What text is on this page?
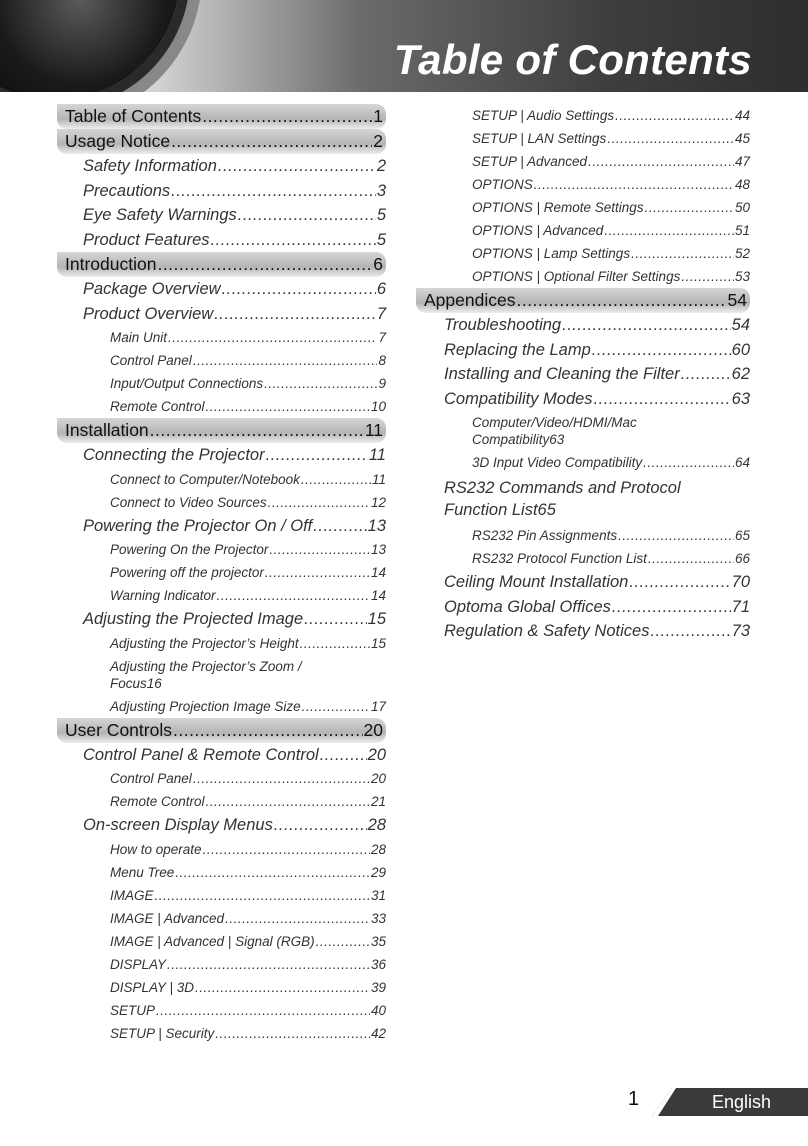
Table of Contents
Table of Contents .....	1
Usage Notice .....	2
Safety Information .....	2
Precautions .....	3
Eye Safety Warnings .....	5
Product Features .....	5
Introduction .....	6
Package Overview .....	6
Product Overview .....	7
Main Unit .....	7
Control Panel .....	8
Input/Output Connections .....	9
Remote Control .....	10
Installation .....	11
Connecting the Projector .....	11
Connect to Computer/Notebook .....	11
Connect to Video Sources .....	12
Powering the Projector On / Off .....	13
Powering On the Projector .....	13
Powering off the projector .....	14
Warning Indicator .....	14
Adjusting the Projected Image .....	15
Adjusting the Projector’s Height .....	15
Adjusting the Projector’s Zoom /
Focus 16
Adjusting Projection Image Size .....	17
User Controls .....	20
Control Panel & Remote Control .....	20
Control Panel .....	20
Remote Control .....	21
On-screen Display Menus .....	28
How to operate .....	28
Menu Tree .....	29
IMAGE .....	31
IMAGE | Advanced .....	33
IMAGE | Advanced | Signal (RGB) .....	35
DISPLAY .....	36
DISPLAY | 3D .....	39
SETUP .....	40
SETUP | Security .....	42
SETUP | Audio Settings .....	44
SETUP | LAN Settings .....	45
SETUP | Advanced .....	47
OPTIONS .....	48
OPTIONS | Remote Settings .....	50
OPTIONS | Advanced .....	51
OPTIONS | Lamp Settings .....	52
OPTIONS | Optional Filter Settings .....	53
Appendices .....	54
Troubleshooting .....	54
Replacing the Lamp .....	60
Installing and Cleaning the Filter .....	62
Compatibility Modes .....	63
Computer/Video/HDMI/Mac
Compatibility 63
3D Input Video Compatibility .....	64
RS232 Commands and Protocol
Function List 65
RS232 Pin Assignments .....	65
RS232 Protocol Function List .....	66
Ceiling Mount Installation .....	70
Optoma Global Offices .....	71
Regulation & Safety Notices .....	73
1	English
